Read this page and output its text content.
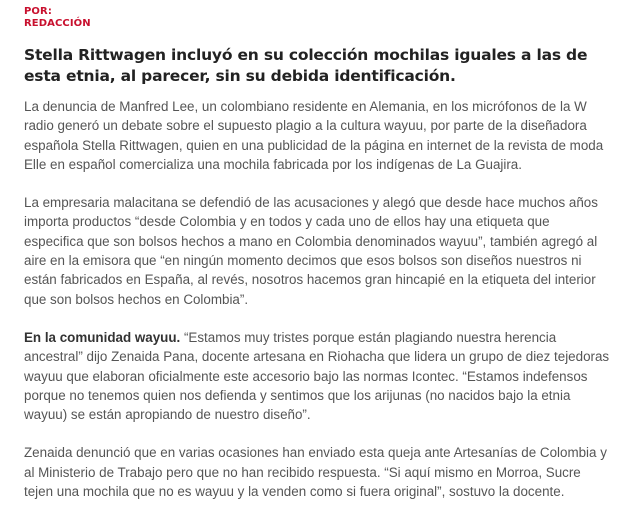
POR:
REDACCIÓN
Stella Rittwagen incluyó en su colección mochilas iguales a las de esta etnia, al parecer, sin su debida identificación.

La denuncia de Manfred Lee, un colombiano residente en Alemania, en los micrófonos de la W radio generó un debate sobre el supuesto plagio a la cultura wayuu, por parte de la diseñadora española Stella Rittwagen, quien en una publicidad de la página en internet de la revista de moda Elle en español comercializa una mochila fabricada por los indígenas de La Guajira.

La empresaria malacitana se defendió de las acusaciones y alegó que desde hace muchos años importa productos “desde Colombia y en todos y cada uno de ellos hay una etiqueta que especifica que son bolsos hechos a mano en Colombia denominados wayuu”, también agregó al aire en la emisora que “en ningún momento decimos que esos bolsos son diseños nuestros ni están fabricados en España, al revés, nosotros hacemos gran hincapié en la etiqueta del interior que son bolsos hechos en Colombia”.

En la comunidad wayuu. “Estamos muy tristes porque están plagiando nuestra herencia ancestral” dijo Zenaida Pana, docente artesana en Riohacha que lidera un grupo de diez tejedoras wayuu que elaboran oficialmente este accesorio bajo las normas Icontec. “Estamos indefensos porque no tenemos quien nos defienda y sentimos que los arijunas (no nacidos bajo la etnia wayuu) se están apropiando de nuestro diseño”.

Zenaida denunció que en varias ocasiones han enviado esta queja ante Artesanías de Colombia y al Ministerio de Trabajo pero que no han recibido respuesta. “Si aquí mismo en Morroa, Sucre tejen una mochila que no es wayuu y la venden como si fuera original”, sostuvo la docente.
